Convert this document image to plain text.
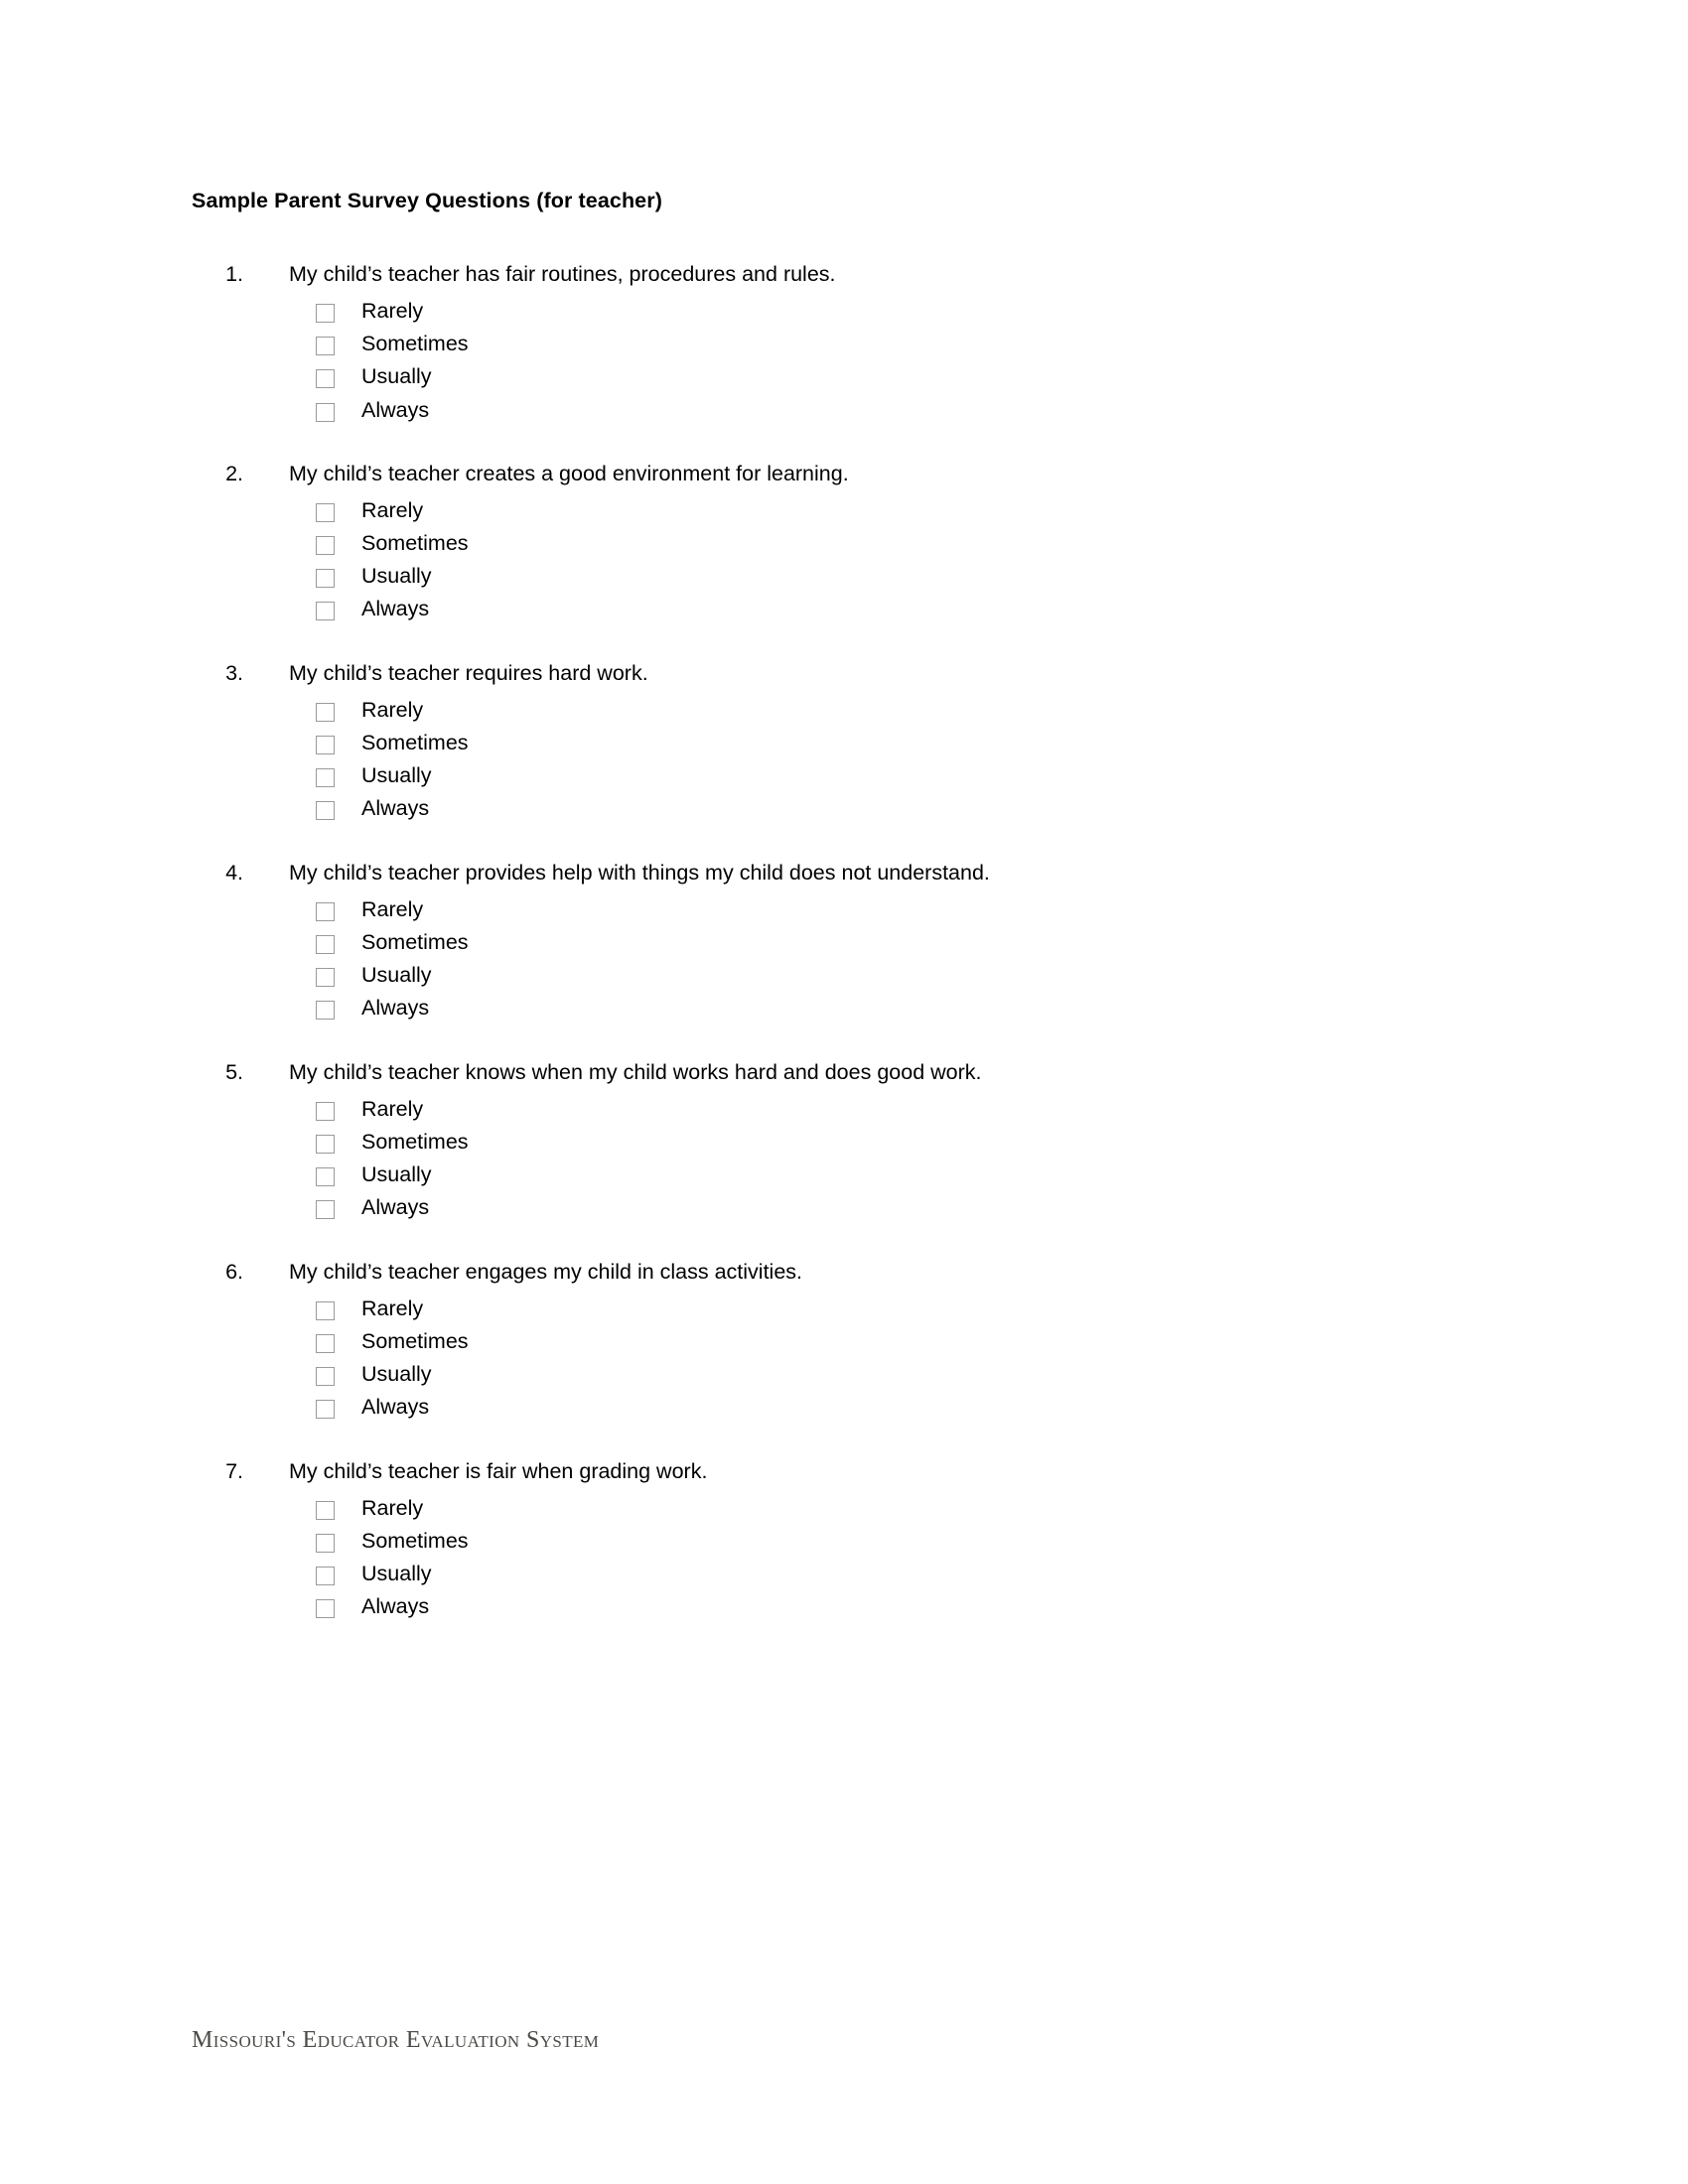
Sample Parent Survey Questions (for teacher)
1.	My child’s teacher has fair routines, procedures and rules.
Rarely
Sometimes
Usually
Always
2.	My child’s teacher creates a good environment for learning.
Rarely
Sometimes
Usually
Always
3.	My child’s teacher requires hard work.
Rarely
Sometimes
Usually
Always
4.	My child’s teacher provides help with things my child does not understand.
Rarely
Sometimes
Usually
Always
5.	My child’s teacher knows when my child works hard and does good work.
Rarely
Sometimes
Usually
Always
6.	My child’s teacher engages my child in class activities.
Rarely
Sometimes
Usually
Always
7.	My child’s teacher is fair when grading work.
Rarely
Sometimes
Usually
Always
Missouri's Educator Evaluation System
